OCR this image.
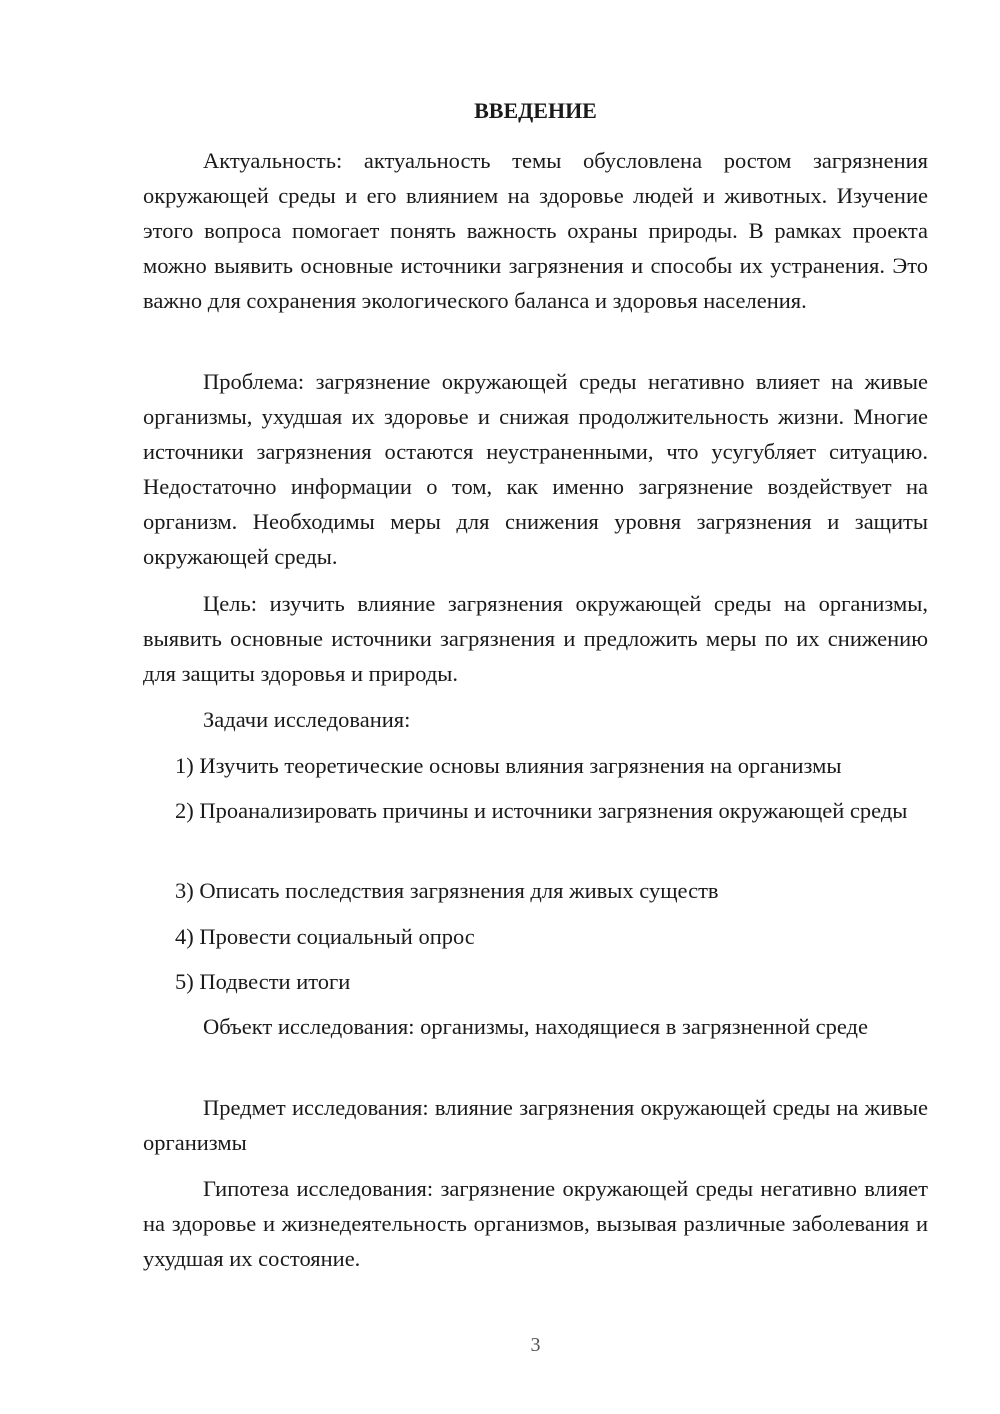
ВВЕДЕНИЕ

Актуальность: актуальность темы обусловлена ростом загрязнения окружающей среды и его влиянием на здоровье людей и животных. Изучение этого вопроса помогает понять важность охраны природы. В рамках проекта можно выявить основные источники загрязнения и способы их устранения. Это важно для сохранения экологического баланса и здоровья населения.

Проблема: загрязнение окружающей среды негативно влияет на живые организмы, ухудшая их здоровье и снижая продолжительность жизни. Многие источники загрязнения остаются неустраненными, что усугубляет ситуацию. Недостаточно информации о том, как именно загрязнение воздействует на организм. Необходимы меры для снижения уровня загрязнения и защиты окружающей среды.

Цель: изучить влияние загрязнения окружающей среды на организмы, выявить основные источники загрязнения и предложить меры по их снижению для защиты здоровья и природы.

Задачи исследования:

1) Изучить теоретические основы влияния загрязнения на организмы

2) Проанализировать причины и источники загрязнения окружающей среды

3) Описать последствия загрязнения для живых существ

4) Провести социальный опрос

5) Подвести итоги

Объект исследования: организмы, находящиеся в загрязненной среде

Предмет исследования: влияние загрязнения окружающей среды на живые организмы

Гипотеза исследования: загрязнение окружающей среды негативно влияет на здоровье и жизнедеятельность организмов, вызывая различные заболевания и ухудшая их состояние.

3
